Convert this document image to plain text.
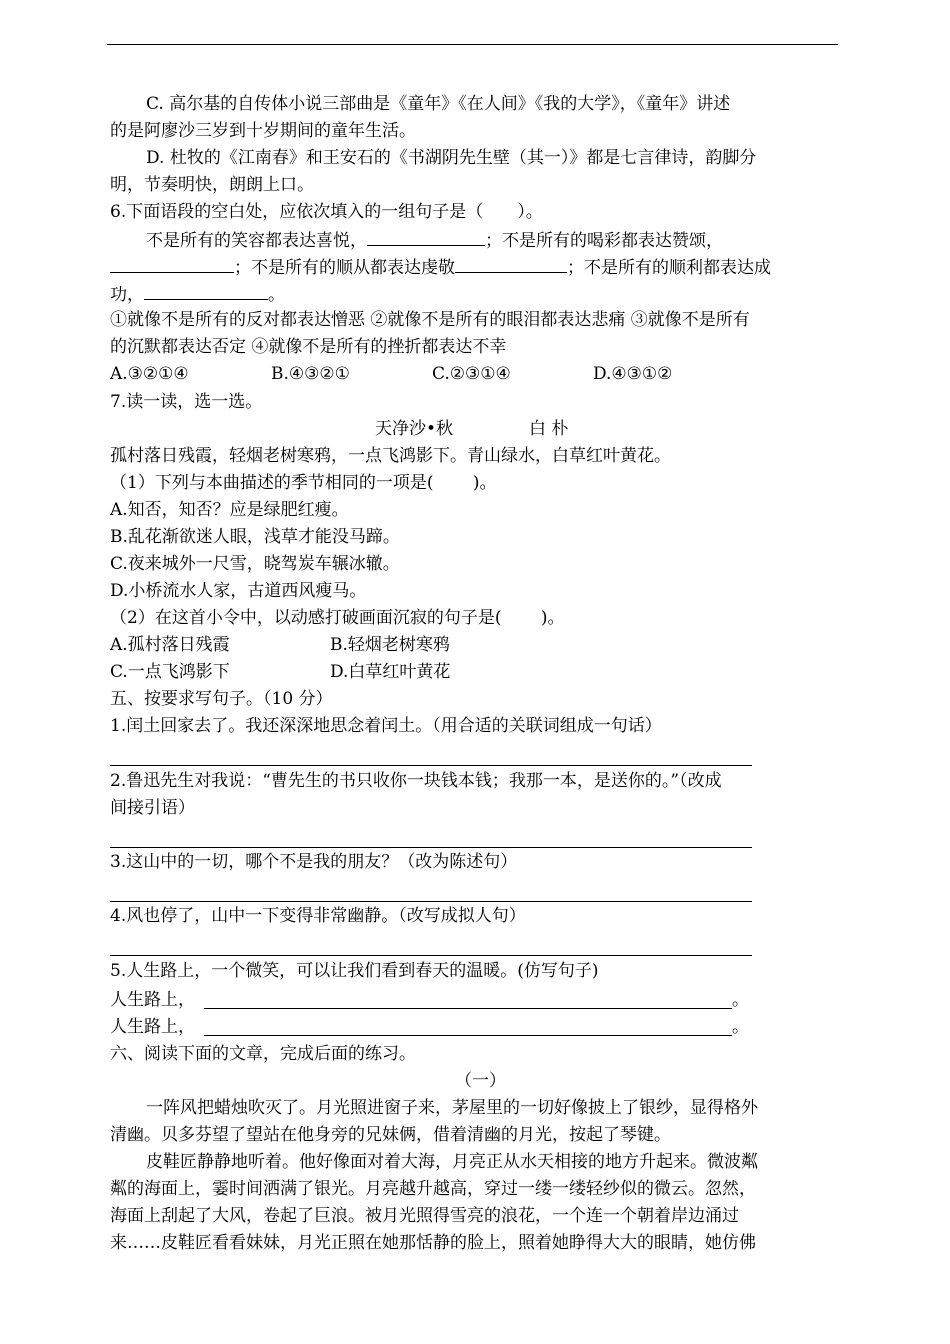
C. 高尔基的自传体小说三部曲是《童年》《在人间》《我的大学》，《童年》讲述
的是阿廖沙三岁到十岁期间的童年生活。
D. 杜牧的《江南春》和王安石的《书湖阴先生壁（其一）》都是七言律诗，韵脚分
明，节奏明快，朗朗上口。
6.下面语段的空白处，应依次填入的一组句子是（　　）。
不是所有的笑容都表达喜悦，	；不是所有的喝彩都表达赞颂，
；不是所有的顺从都表达虔敬	；不是所有的顺利都表达成
功，	。
①就像不是所有的反对都表达憎恶 ②就像不是所有的眼泪都表达悲痛 ③就像不是所有
的沉默都表达否定 ④就像不是所有的挫折都表达不幸
A.③②①④	B.④③②①	C.②③①④	D.④③①②
7.读一读，选一选。
天净沙•秋	白 朴
孤村落日残霞，轻烟老树寒鸦，一点飞鸿影下。青山绿水，白草红叶黄花。
（1）下列与本曲描述的季节相同的一项是(　　 )。
A.知否，知否？应是绿肥红瘦。
B.乱花渐欲迷人眼，浅草才能没马蹄。
C.夜来城外一尺雪，晓驾炭车辗冰辙。
D.小桥流水人家，古道西风瘦马。
（2）在这首小令中，以动感打破画面沉寂的句子是(　　 )。
A.孤村落日残霞	B.轻烟老树寒鸦
C.一点飞鸿影下	D.白草红叶黄花
五、按要求写句子。（10 分）
1.闰土回家去了。我还深深地思念着闰土。（用合适的关联词组成一句话）
2.鲁迅先生对我说：“曹先生的书只收你一块钱本钱；我那一本，是送你的。”（改成
间接引语）
3.这山中的一切，哪个不是我的朋友？（改为陈述句）
4.风也停了，山中一下变得非常幽静。（改写成拟人句）
5.人生路上，一个微笑，可以让我们看到春天的温暖。(仿写句子)
人生路上，	。
人生路上，	。
六、阅读下面的文章，完成后面的练习。
（一）
一阵风把蜡烛吹灭了。月光照进窗子来，茅屋里的一切好像披上了银纱，显得格外
清幽。贝多芬望了望站在他身旁的兄妹俩，借着清幽的月光，按起了琴键。
皮鞋匠静静地听着。他好像面对着大海，月亮正从水天相接的地方升起来。微波粼
粼的海面上，霎时间洒满了银光。月亮越升越高，穿过一缕一缕轻纱似的微云。忽然，
海面上刮起了大风，卷起了巨浪。被月光照得雪亮的浪花，一个连一个朝着岸边涌过
来……皮鞋匠看看妹妹，月光正照在她那恬静的脸上，照着她睁得大大的眼睛，她仿佛
